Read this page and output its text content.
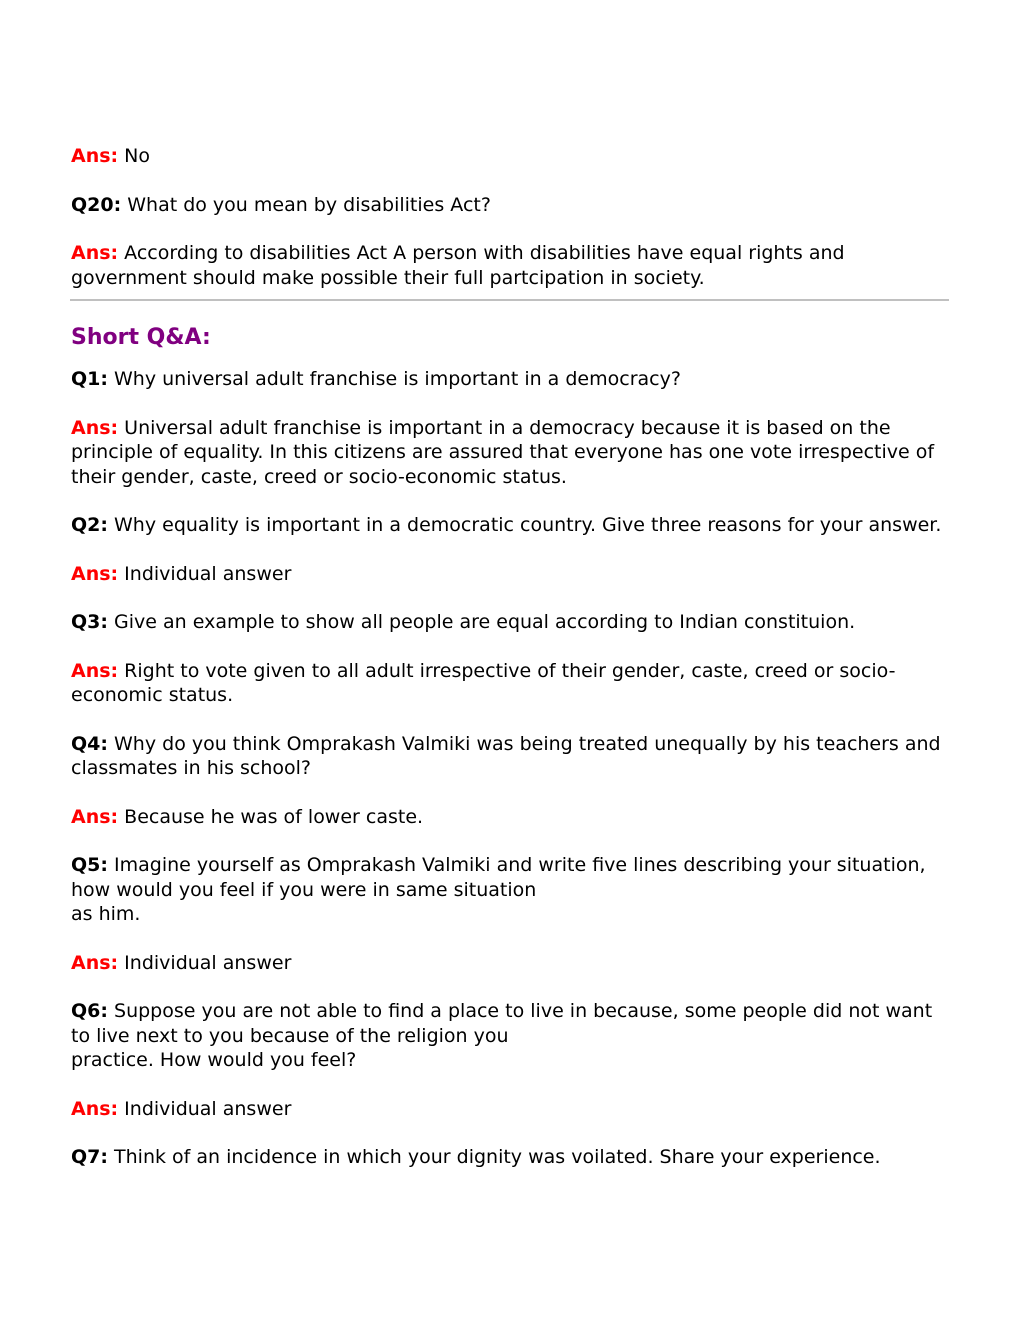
Ans: No
Q20: What do you mean by disabilities Act?
Ans: According to disabilities Act A person with disabilities have equal rights and government should make possible their full partcipation in society.
Short Q&A:
Q1: Why universal adult franchise is important in a democracy?
Ans: Universal adult franchise is important in a democracy because it is based on the principle of equality. In this citizens are assured that everyone has one vote irrespective of their gender, caste, creed or socio-economic status.
Q2: Why equality is important in a democratic country. Give three reasons for your answer.
Ans: Individual answer
Q3: Give an example to show all people are equal according to Indian constituion.
Ans: Right to vote given to all adult irrespective of their gender, caste, creed or socio-economic status.
Q4: Why do you think Omprakash Valmiki was being treated unequally by his teachers and classmates in his school?
Ans: Because he was of lower caste.
Q5: Imagine yourself as Omprakash Valmiki and write five lines describing your situation, how would you feel if you were in same situation
as him.
Ans: Individual answer
Q6: Suppose you are not able to find a place to live in because, some people did not want to live next to you because of the religion you
practice. How would you feel?
Ans: Individual answer
Q7: Think of an incidence in which your dignity was voilated. Share your experience.
